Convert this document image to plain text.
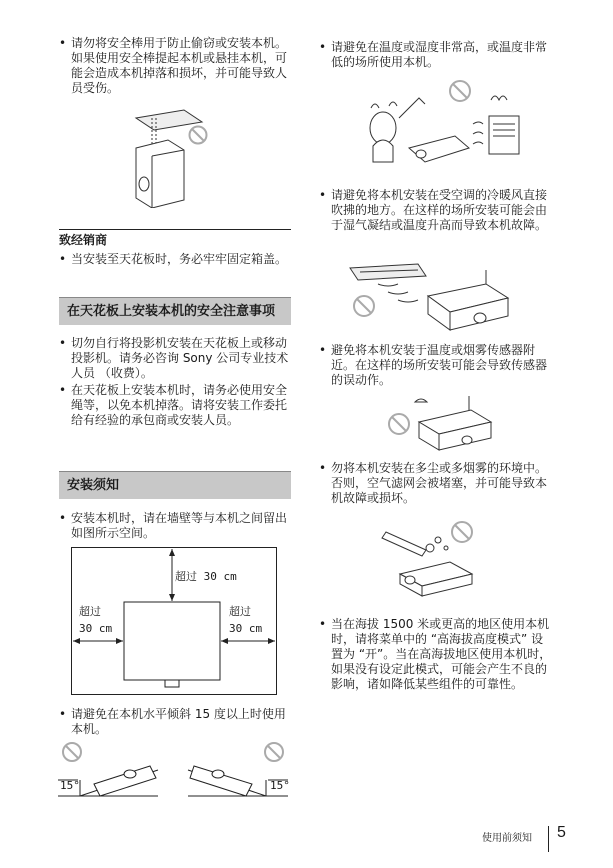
• 请勿将安全棒用于防止偷窃或安装本机。如果使用安全棒提起本机或悬挂本机，可能会造成本机掉落和损坏，并可能导致人员受伤。
致经销商
• 当安装至天花板时，务必牢牢固定箱盖。
在天花板上安装本机的安全注意事项
• 切勿自行将投影机安装在天花板上或移动投影机。请务必咨询 Sony 公司专业技术人员 （收费）。
• 在天花板上安装本机时，请务必使用安全绳等，以免本机掉落。请将安装工作委托给有经验的承包商或安装人员。
安装须知
• 安装本机时，请在墙壁等与本机之间留出如图所示空间。
超过 30 cm
超过
30 cm
超过
30 cm
• 请避免在本机水平倾斜 15 度以上时使用本机。
15°	15°
• 请避免在温度或湿度非常高，或温度非常低的场所使用本机。
• 请避免将本机安装在受空调的冷暖风直接吹拂的地方。在这样的场所安装可能会由于湿气凝结或温度升高而导致本机故障。
• 避免将本机安装于温度或烟雾传感器附近。在这样的场所安装可能会导致传感器的误动作。
• 勿将本机安装在多尘或多烟雾的环境中。否则，空气滤网会被堵塞，并可能导致本机故障或损坏。
• 当在海拔 1500 米或更高的地区使用本机时，请将菜单中的 “高海拔高度模式” 设置为 “开”。当在高海拔地区使用本机时，如果没有设定此模式，可能会产生不良的影响，诸如降低某些组件的可靠性。
使用前须知 5
